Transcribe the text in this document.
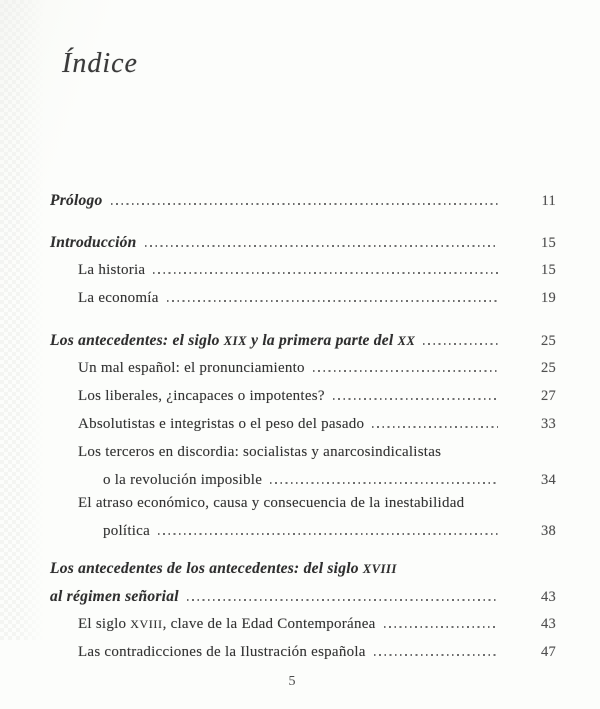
Índice
Prólogo	11
Introducción	15
La historia	15
La economía	19
Los antecedentes: el siglo XIX y la primera parte del XX	25
Un mal español: el pronunciamiento	25
Los liberales, ¿incapaces o impotentes?	27
Absolutistas e integristas o el peso del pasado	33
Los terceros en discordia: socialistas y anarcosindicalistas
o la revolución imposible	34
El atraso económico, causa y consecuencia de la inestabilidad
política	38
Los antecedentes de los antecedentes: del siglo XVIII
al régimen señorial	43
El siglo XVIII, clave de la Edad Contemporánea	43
Las contradicciones de la Ilustración española	47
5
